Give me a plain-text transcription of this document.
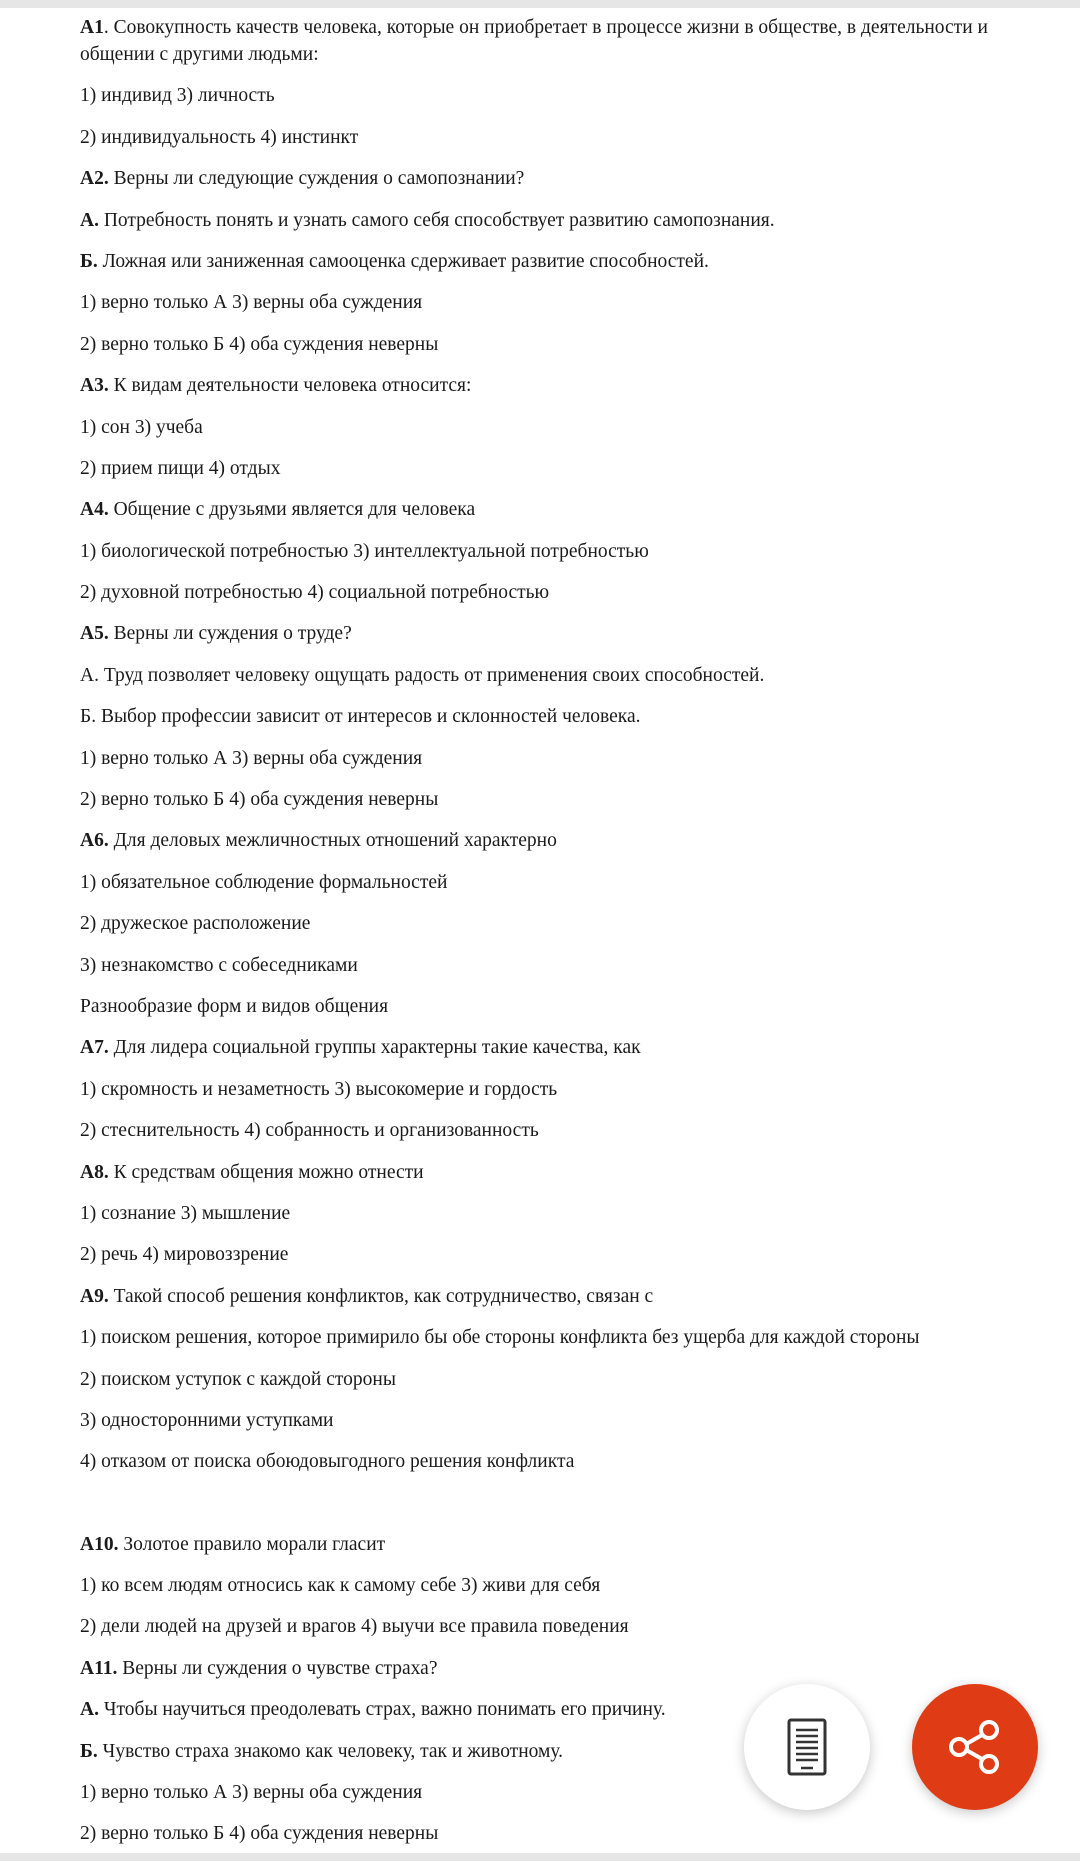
А1. Совокупность качеств человека, которые он приобретает в процессе жизни в обществе, в деятельности и общении с другими людьми:
1) индивид 3) личность
2) индивидуальность 4) инстинкт
А2. Верны ли следующие суждения о самопознании?
А. Потребность понять и узнать самого себя способствует развитию самопознания.
Б. Ложная или заниженная самооценка сдерживает развитие способностей.
1) верно только А 3) верны оба суждения
2) верно только Б 4) оба суждения неверны
А3. К видам деятельности человека относится:
1) сон 3) учеба
2) прием пищи 4) отдых
А4. Общение с друзьями является для человека
1) биологической потребностью 3) интеллектуальной потребностью
2) духовной потребностью 4) социальной потребностью
А5. Верны ли суждения о труде?
А. Труд позволяет человеку ощущать радость от применения своих способностей.
Б. Выбор профессии зависит от интересов и склонностей человека.
1) верно только А 3) верны оба суждения
2) верно только Б 4) оба суждения неверны
А6. Для деловых межличностных отношений характерно
1) обязательное соблюдение формальностей
2) дружеское расположение
3) незнакомство с собеседниками
Разнообразие форм и видов общения
А7. Для лидера социальной группы характерны такие качества, как
1) скромность и незаметность 3) высокомерие и гордость
2) стеснительность 4) собранность и организованность
А8. К средствам общения можно отнести
1) сознание 3) мышление
2) речь 4) мировоззрение
А9. Такой способ решения конфликтов, как сотрудничество, связан с
1) поиском решения, которое примирило бы обе стороны конфликта без ущерба для каждой стороны
2) поиском уступок с каждой стороны
3) односторонними уступками
4) отказом от поиска обоюдовыгодного решения конфликта
А10. Золотое правило морали гласит
1) ко всем людям относись как к самому себе 3) живи для себя
2) дели людей на друзей и врагов 4) выучи все правила поведения
А11. Верны ли суждения о чувстве страха?
А. Чтобы научиться преодолевать страх, важно понимать его причину.
Б. Чувство страха знакомо как человеку, так и животному.
1) верно только А 3) верны оба суждения
2) верно только Б 4) оба суждения неверны
